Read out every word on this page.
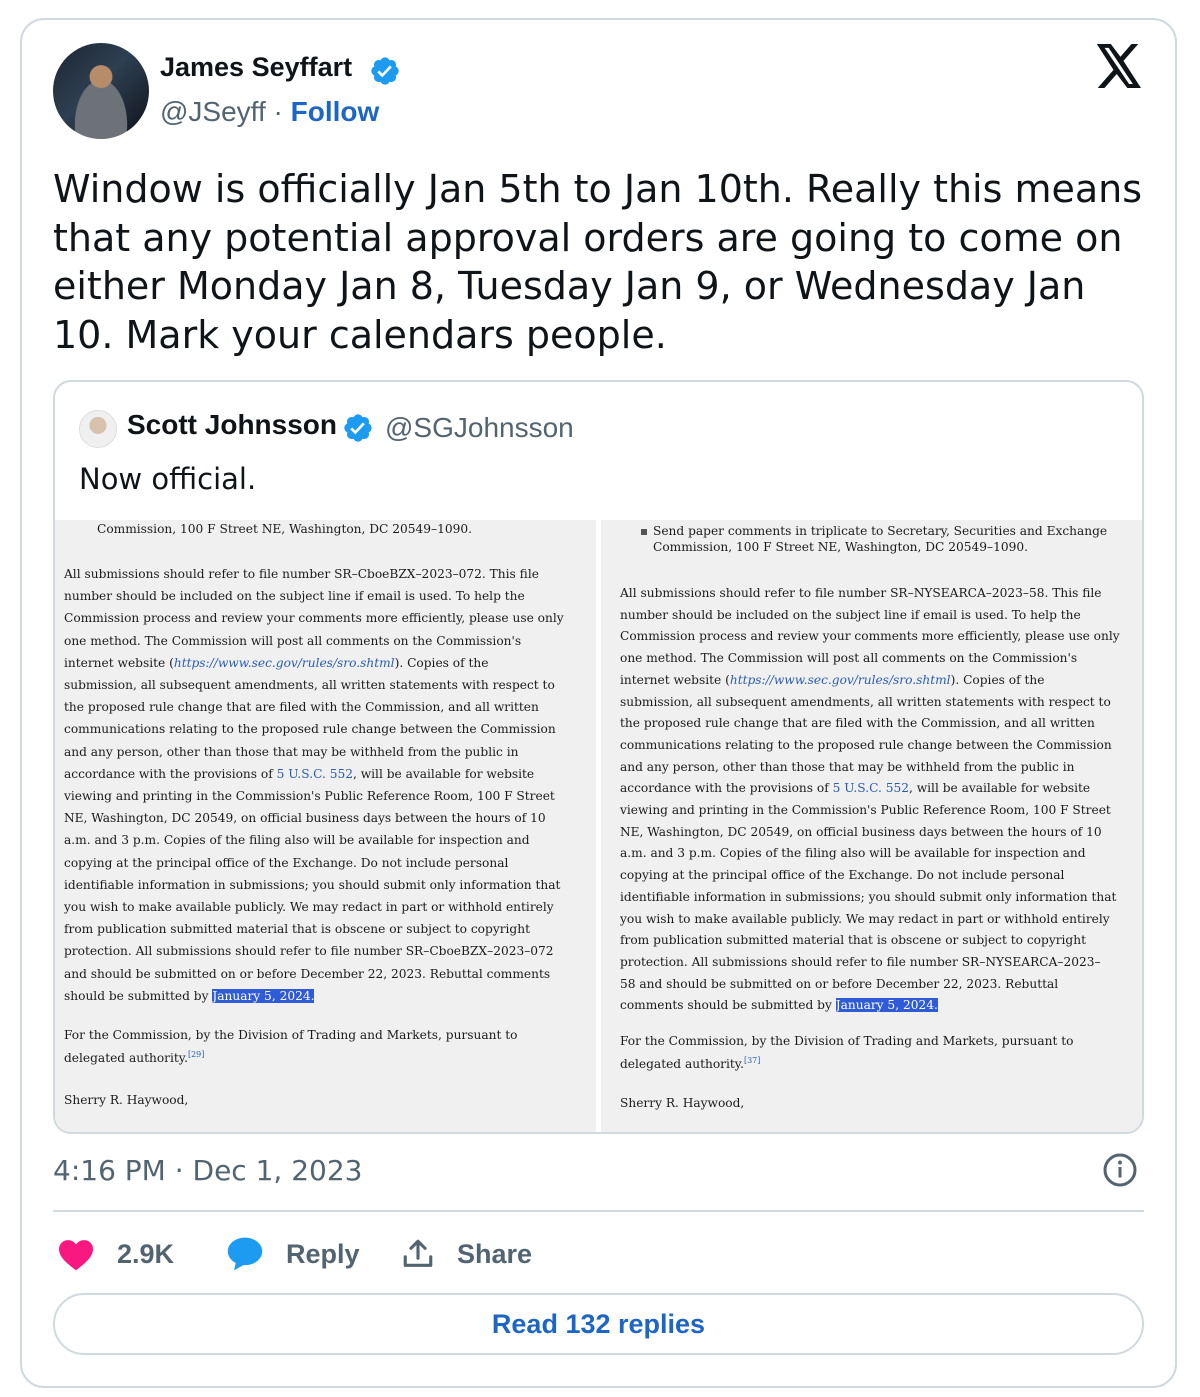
James Seyffart
@JSeyff · Follow
Window is officially Jan 5th to Jan 10th. Really this means that any potential approval orders are going to come on either Monday Jan 8, Tuesday Jan 9, or Wednesday Jan 10. Mark your calendars people.
Scott Johnsson @SGJohnsson
Now official.

Commission, 100 F Street NE, Washington, DC 20549–1090.

All submissions should refer to file number SR–CboeBZX–2023–072. This file

number should be included on the subject line if email is used. To help the

Commission process and review your comments more efficiently, please use only

one method. The Commission will post all comments on the Commission's

internet website (https://www.sec.gov/rules/sro.shtml). Copies of the

submission, all subsequent amendments, all written statements with respect to

the proposed rule change that are filed with the Commission, and all written

communications relating to the proposed rule change between the Commission

and any person, other than those that may be withheld from the public in

accordance with the provisions of 5 U.S.C. 552, will be available for website

viewing and printing in the Commission's Public Reference Room, 100 F Street

NE, Washington, DC 20549, on official business days between the hours of 10

a.m. and 3 p.m. Copies of the filing also will be available for inspection and

copying at the principal office of the Exchange. Do not include personal

identifiable information in submissions; you should submit only information that

you wish to make available publicly. We may redact in part or withhold entirely

from publication submitted material that is obscene or subject to copyright

protection. All submissions should refer to file number SR–CboeBZX–2023–072

and should be submitted on or before December 22, 2023. Rebuttal comments

should be submitted by January 5, 2024.

For the Commission, by the Division of Trading and Markets, pursuant to

delegated authority.[29]

Sherry R. Haywood,

Send paper comments in triplicate to Secretary, Securities and Exchange

Commission, 100 F Street NE, Washington, DC 20549–1090.

All submissions should refer to file number SR–NYSEARCA–2023–58. This file

number should be included on the subject line if email is used. To help the

Commission process and review your comments more efficiently, please use only

one method. The Commission will post all comments on the Commission's

internet website (https://www.sec.gov/rules/sro.shtml). Copies of the

submission, all subsequent amendments, all written statements with respect to

the proposed rule change that are filed with the Commission, and all written

communications relating to the proposed rule change between the Commission

and any person, other than those that may be withheld from the public in

accordance with the provisions of 5 U.S.C. 552, will be available for website

viewing and printing in the Commission's Public Reference Room, 100 F Street

NE, Washington, DC 20549, on official business days between the hours of 10

a.m. and 3 p.m. Copies of the filing also will be available for inspection and

copying at the principal office of the Exchange. Do not include personal

identifiable information in submissions; you should submit only information that

you wish to make available publicly. We may redact in part or withhold entirely

from publication submitted material that is obscene or subject to copyright

protection. All submissions should refer to file number SR–NYSEARCA–2023–

58 and should be submitted on or before December 22, 2023. Rebuttal

comments should be submitted by January 5, 2024.

For the Commission, by the Division of Trading and Markets, pursuant to

delegated authority.[37]

Sherry R. Haywood,

4:16 PM · Dec 1, 2023
2.9K	Reply	Share
Read 132 replies
